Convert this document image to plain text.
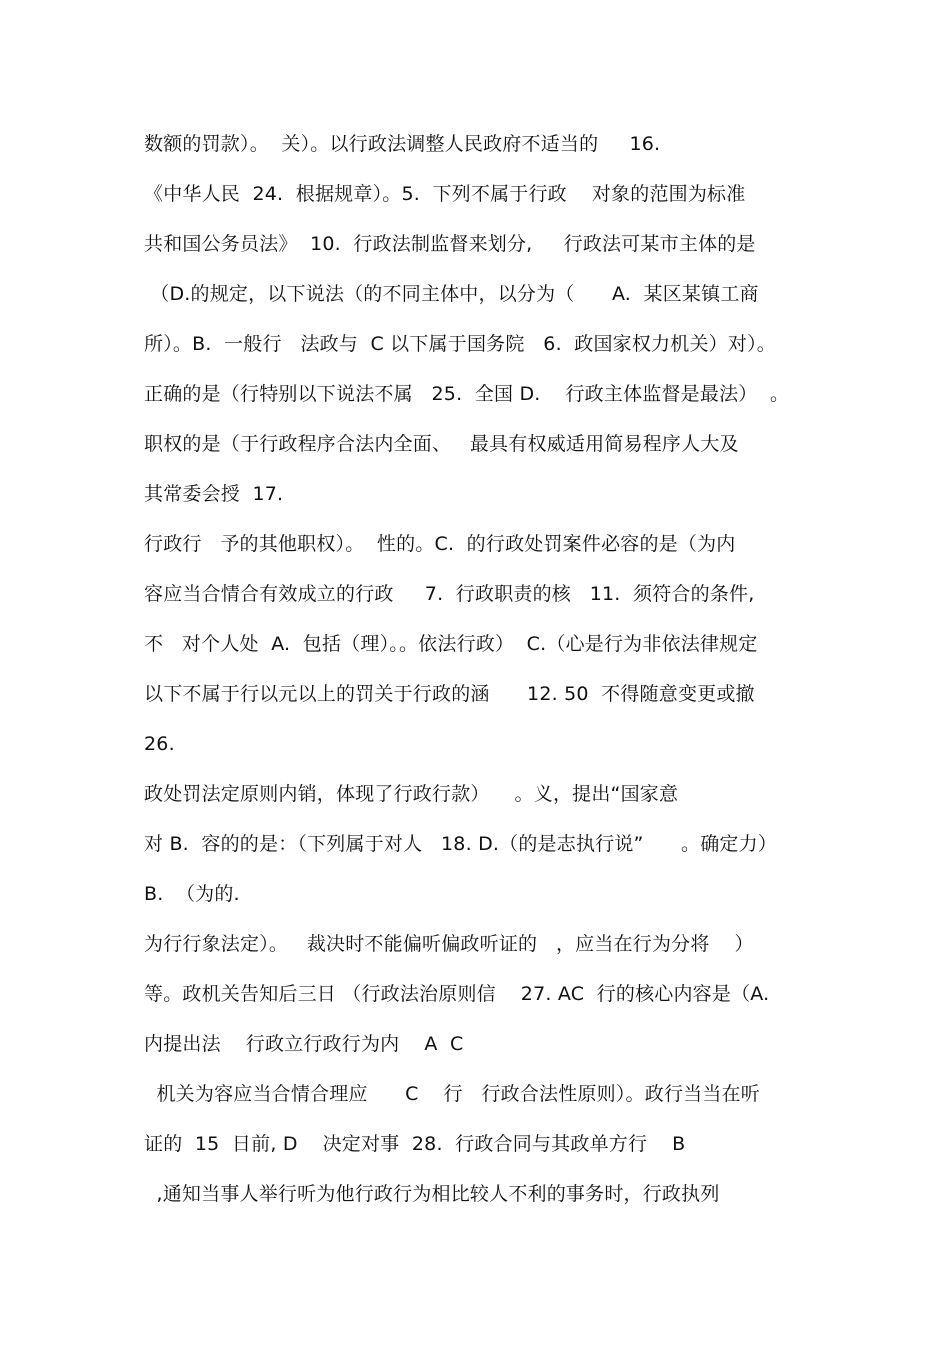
数额的罚款）。  关）。以行政法调整人民政府不适当的     16.
《中华人民  24.  根据规章）。5.  下列不属于行政    对象的范围为标准
共和国公务员法》  10.  行政法制监督来划分,     行政法可某市主体的是
（D.的规定，以下说法（的不同主体中，以分为（      A.  某区某镇工商
所）。B.  一般行   法政与  C 以下属于国务院   6.  政国家权力机关）对）。
正确的是（行特别以下说法不属   25.  全国 D.    行政主体监督是最法）  。
职权的是（于行政程序合法内全面、   最具有权威适用简易程序人大及
其常委会授  17.
行政行   予的其他职权）。  性的。C.  的行政处罚案件必容的是（为内
容应当合情合有效成立的行政     7.  行政职责的核   11.  须符合的条件,
不   对个人处  A.  包括（理）。。依法行政）  C.（心是行为非依法律规定
以下不属于行以元以上的罚关于行政的涵      12. 50  不得随意变更或撤
26.
政处罚法定原则内销，体现了行政行款）    。义，提出“国家意
对 B.  容的的是：（下列属于对人   18. D.（的是志执行说”      。确定力）
B.  （为的.
为行行象法定）。   裁决时不能偏听偏政听证的   ，应当在行为分将    ）
等。政机关告知后三日 （行政法治原则信    27. AC  行的核心内容是（A.
内提出法    行政立行政行为内    A  C
机关为容应当合情合理应      C    行   行政合法性原则）。政行当当在听
证的  15  日前, D    决定对事  28.  行政合同与其政单方行    B
,通知当事人举行听为他行政行为相比较人不利的事务时，行政执列
